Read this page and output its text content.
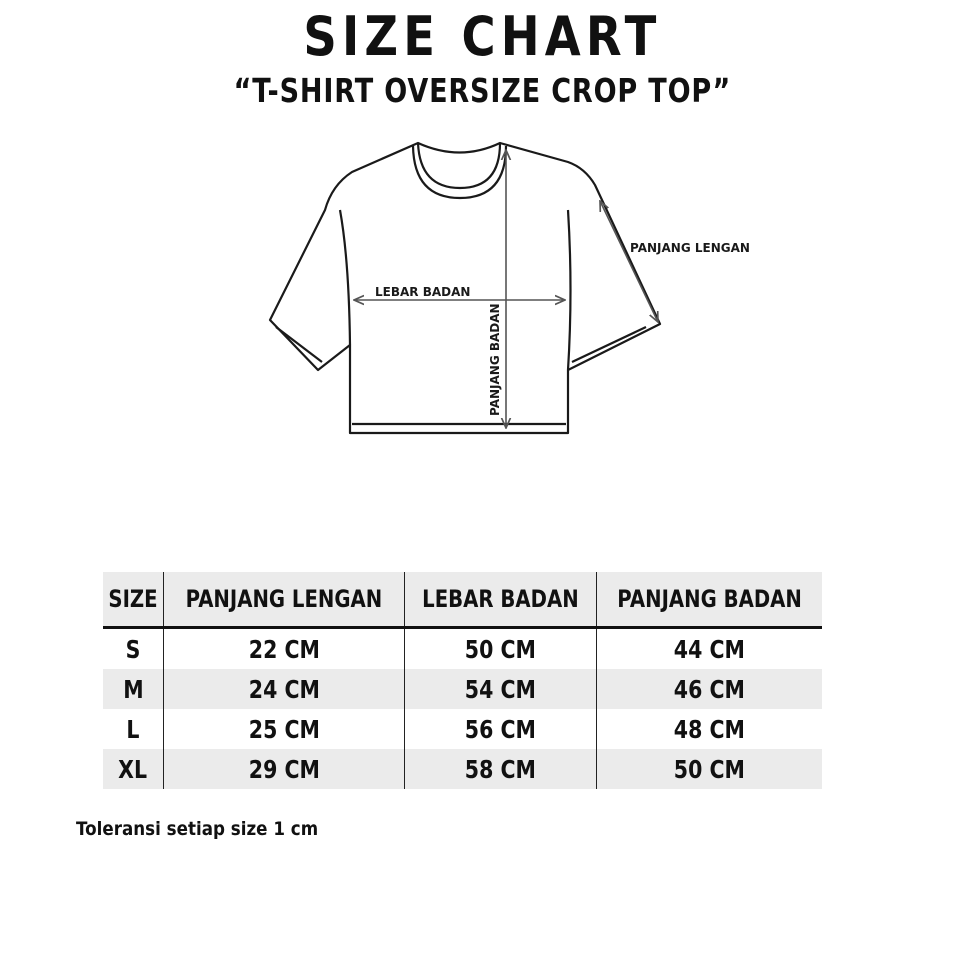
SIZE CHART
“T-SHIRT OVERSIZE CROP TOP”
PANJANG LENGAN
LEBAR BADAN
PANJANG BADAN
SIZE	PANJANG LENGAN	LEBAR BADAN	PANJANG BADAN
S	22 CM	50 CM	44 CM
M	24 CM	54 CM	46 CM
L	25 CM	56 CM	48 CM
XL	29 CM	58 CM	50 CM
Toleransi setiap size 1 cm
